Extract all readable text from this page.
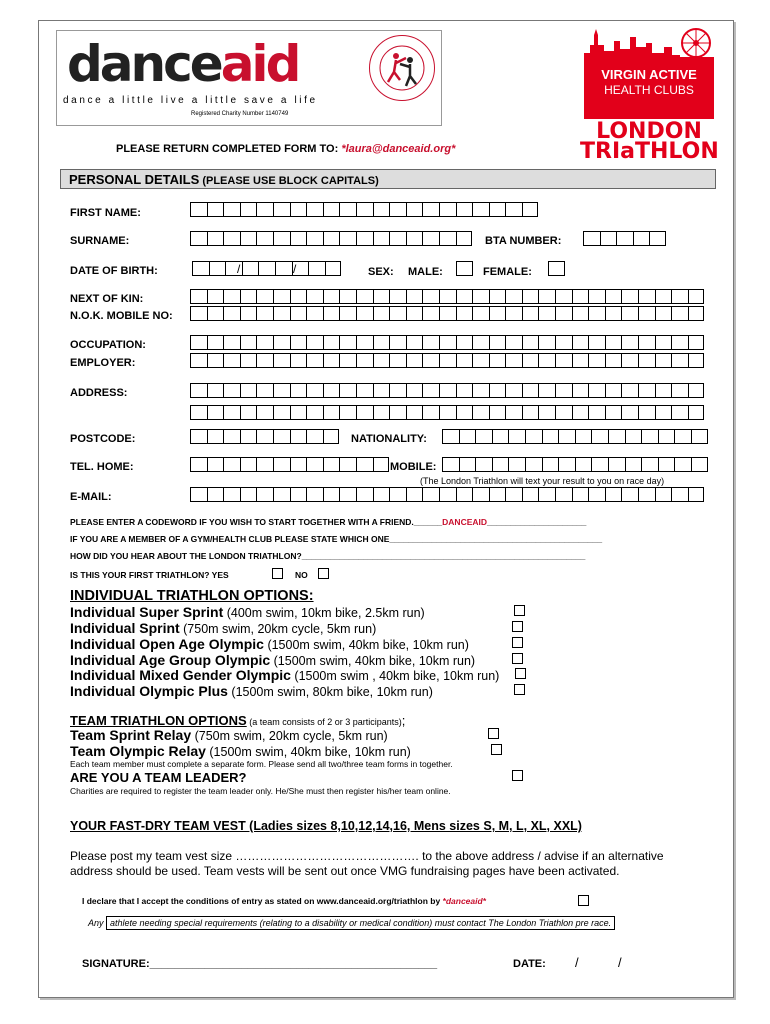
danceaid
dance a little live a little save a life
Registered Charity Number 1140749
VIRGIN ACTIVE
HEALTH CLUBS
LONDON
TRIaTHLON
PLEASE RETURN COMPLETED FORM TO: *laura@danceaid.org*
PERSONAL DETAILS (PLEASE USE BLOCK CAPITALS)
FIRST NAME:
SURNAME:	BTA NUMBER:
DATE OF BIRTH:	/	/	SEX: MALE:	FEMALE:
NEXT OF KIN:
N.O.K. MOBILE NO:
OCCUPATION:
EMPLOYER:
ADDRESS:
POSTCODE:	NATIONALITY:
TEL. HOME:	MOBILE:
(The London Triathlon will text your result to you on race day)
E-MAIL:
PLEASE ENTER A CODEWORD IF YOU WISH TO START TOGETHER WITH A FRIEND.______DANCEAID_____________________
IF YOU ARE A MEMBER OF A GYM/HEALTH CLUB PLEASE STATE WHICH ONE_____________________________________________
HOW DID YOU HEAR ABOUT THE LONDON TRIATHLON?____________________________________________________________
IS THIS YOUR FIRST TRIATHLON? YES	NO
INDIVIDUAL TRIATHLON OPTIONS:
Individual Super Sprint (400m swim, 10km bike, 2.5km run)
Individual Sprint (750m swim, 20km cycle, 5km run)
Individual Open Age Olympic (1500m swim, 40km bike, 10km run)
Individual Age Group Olympic (1500m swim, 40km bike, 10km run)
Individual Mixed Gender Olympic (1500m swim , 40km bike, 10km run)
Individual Olympic Plus (1500m swim, 80km bike, 10km run)
TEAM TRIATHLON OPTIONS (a team consists of 2 or 3 participants);
Team Sprint Relay (750m swim, 20km cycle, 5km run)
Team Olympic Relay (1500m swim, 40km bike, 10km run)
Each team member must complete a separate form. Please send all two/three team forms in together.
ARE YOU A TEAM LEADER?
Charities are required to register the team leader only. He/She must then register his/her team online.
YOUR FAST-DRY TEAM VEST (Ladies sizes 8,10,12,14,16, Mens sizes S, M, L, XL, XXL)
Please post my team vest size ………………………………………. to the above address / advise if an alternative
address should be used. Team vests will be sent out once VMG fundraising pages have been activated.
I declare that I accept the conditions of entry as stated on www.danceaid.org/triathlon by *danceaid*
Any athlete needing special requirements (relating to a disability or medical condition) must contact The London Triathlon pre race.
SIGNATURE:_______________________________________________	DATE: /	/
